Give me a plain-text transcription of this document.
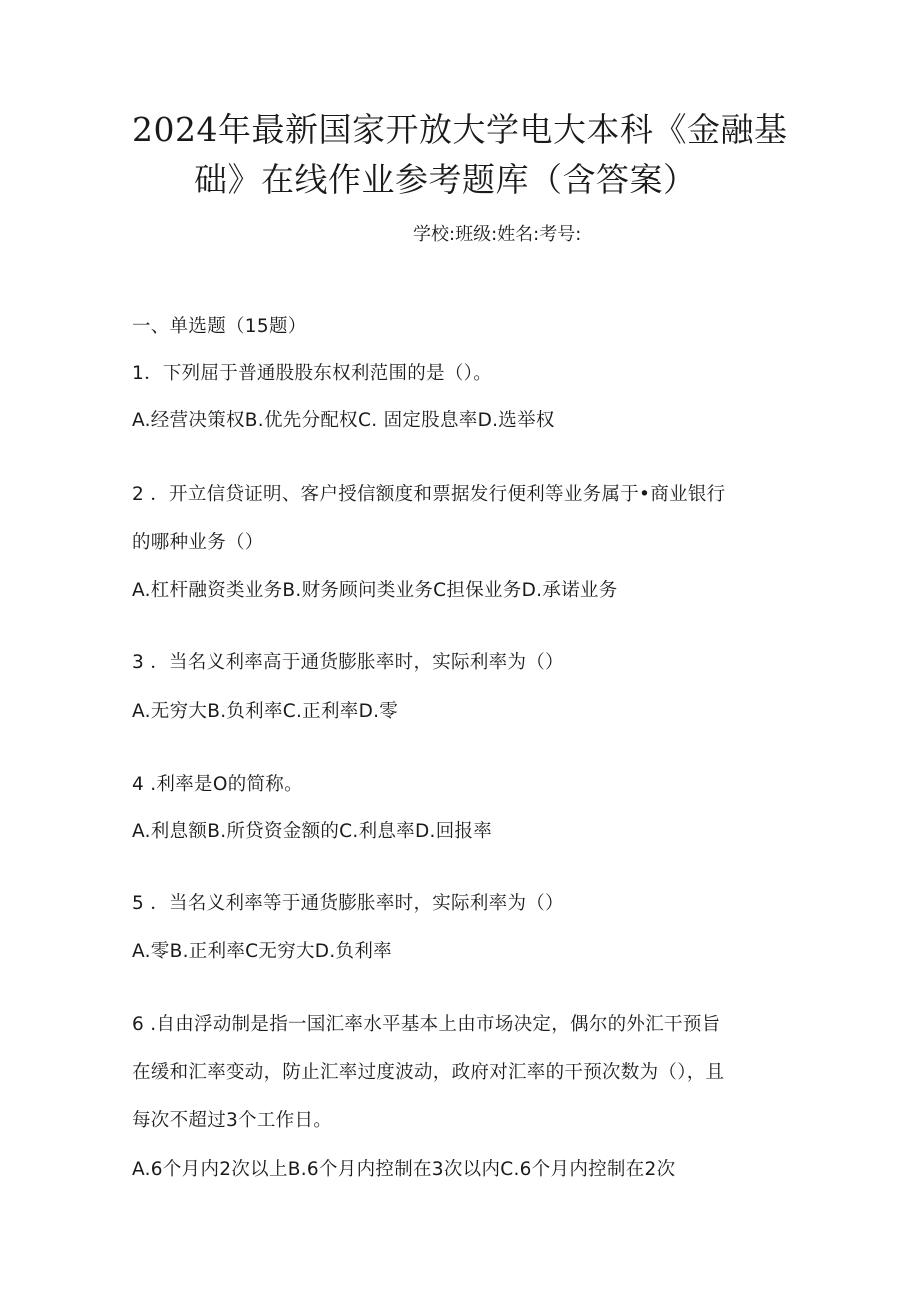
2024年最新国家开放大学电大本科《金融基
础》在线作业参考题库（含答案）
学校:班级:姓名:考号:
一、单选题（15题）
1．下列屈于普通股股东权利范围的是（）。
A.经营决策权B.优先分配权C. 固定股息率D.选举权
2 ．开立信贷证明、客户授信额度和票据发行便利等业务属于•商业银行
的哪种业务（）
A.杠杆融资类业务B.财务顾问类业务C担保业务D.承诺业务
3 ．当名义利率高于通货膨胀率时，实际利率为（）
A.无穷大B.负利率C.正利率D.零
4 .利率是O的简称。
A.利息额B.所贷资金额的C.利息率D.回报率
5 ．当名义利率等于通货膨胀率时，实际利率为（）
A.零B.正利率C无穷大D.负利率
6 .自由浮动制是指一国汇率水平基本上由市场决定，偶尔的外汇干预旨
在缓和汇率变动，防止汇率过度波动，政府对汇率的干预次数为（），且
每次不超过3个工作日。
A.6个月内2次以上B.6个月内控制在3次以内C.6个月内控制在2次
